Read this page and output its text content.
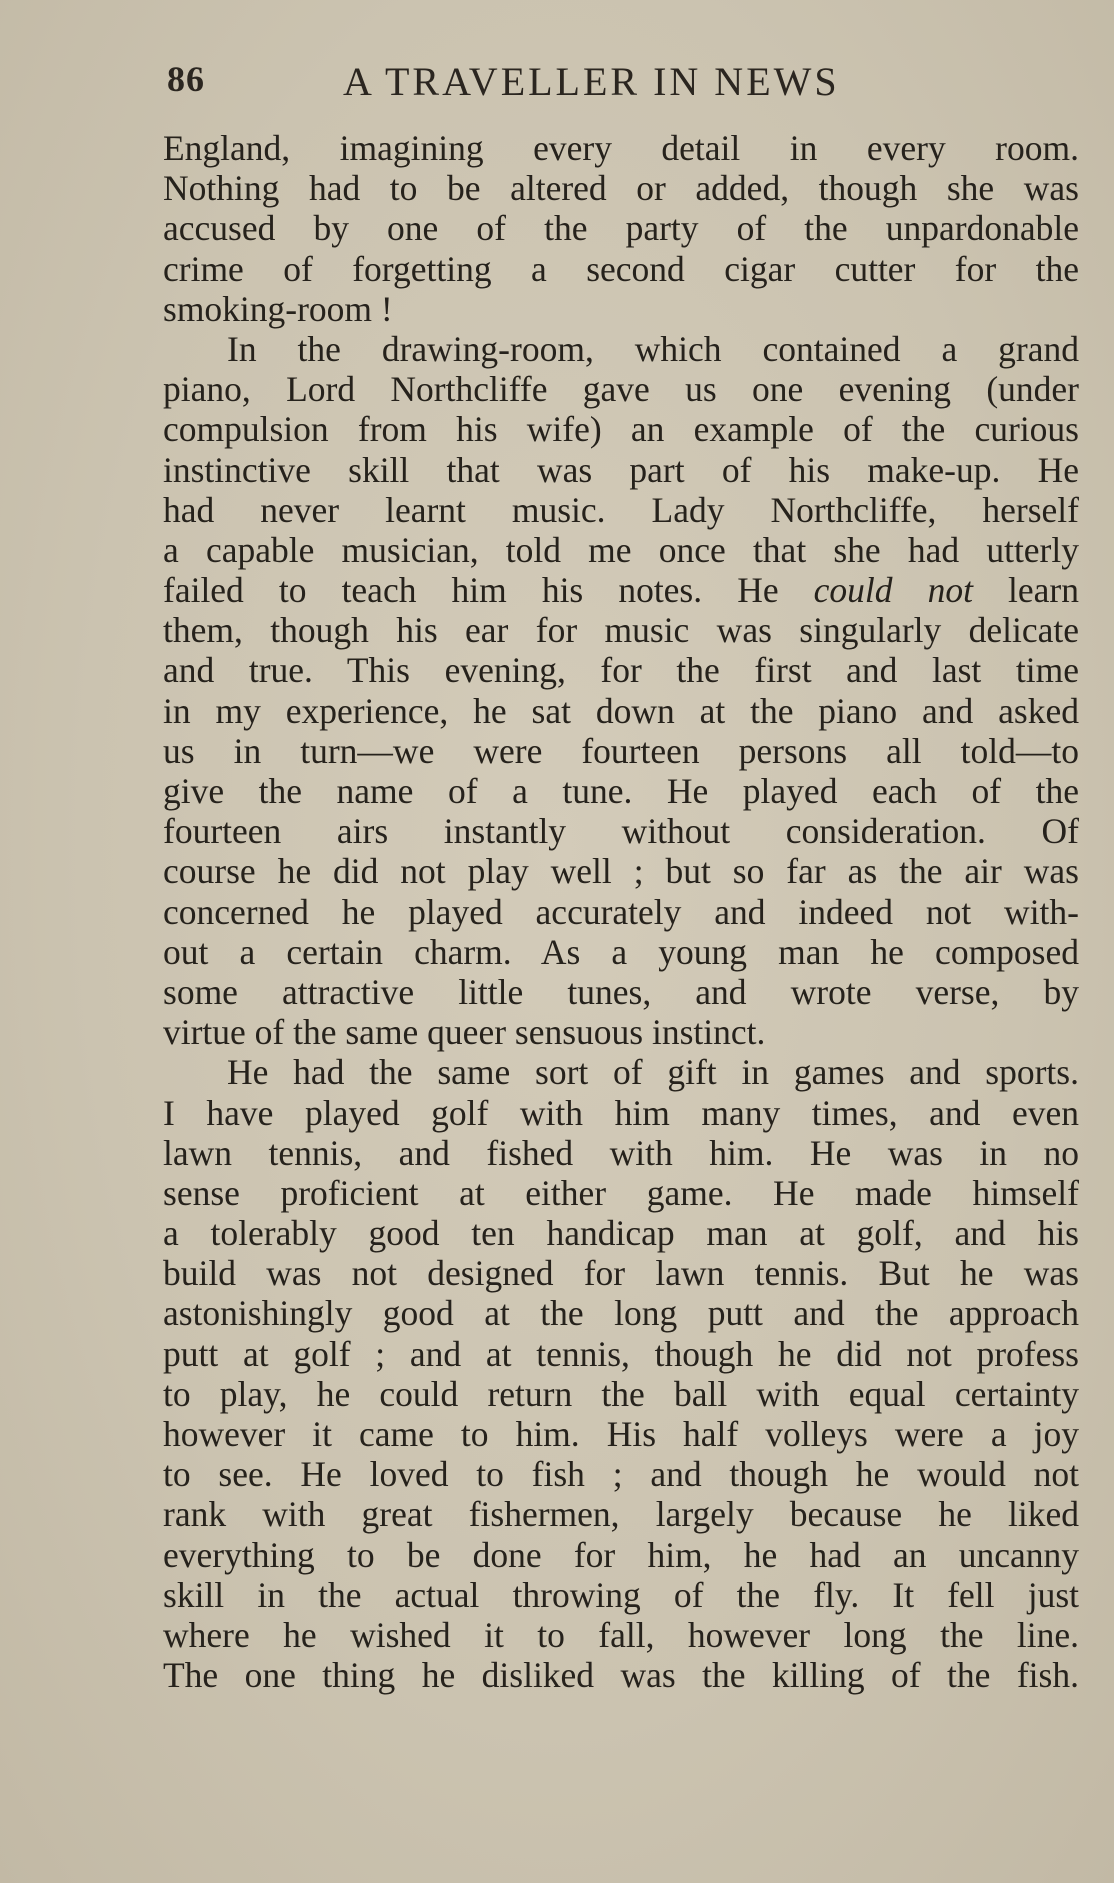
86	A TRAVELLER IN NEWS
England, imagining every detail in every room.
Nothing had to be altered or added, though she was
accused by one of the party of the unpardonable
crime of forgetting a second cigar cutter for the
smoking-room !
In the drawing-room, which contained a grand
piano, Lord Northcliffe gave us one evening (under
compulsion from his wife) an example of the curious
instinctive skill that was part of his make-up. He
had never learnt music. Lady Northcliffe, herself
a capable musician, told me once that she had utterly
failed to teach him his notes. He could not learn
them, though his ear for music was singularly delicate
and true. This evening, for the first and last time
in my experience, he sat down at the piano and asked
us in turn—we were fourteen persons all told—to
give the name of a tune. He played each of the
fourteen airs instantly without consideration. Of
course he did not play well ; but so far as the air was
concerned he played accurately and indeed not with-
out a certain charm. As a young man he composed
some attractive little tunes, and wrote verse, by
virtue of the same queer sensuous instinct.
He had the same sort of gift in games and sports.
I have played golf with him many times, and even
lawn tennis, and fished with him. He was in no
sense proficient at either game. He made himself
a tolerably good ten handicap man at golf, and his
build was not designed for lawn tennis. But he was
astonishingly good at the long putt and the approach
putt at golf ; and at tennis, though he did not profess
to play, he could return the ball with equal certainty
however it came to him. His half volleys were a joy
to see. He loved to fish ; and though he would not
rank with great fishermen, largely because he liked
everything to be done for him, he had an uncanny
skill in the actual throwing of the fly. It fell just
where he wished it to fall, however long the line.
The one thing he disliked was the killing of the fish.
